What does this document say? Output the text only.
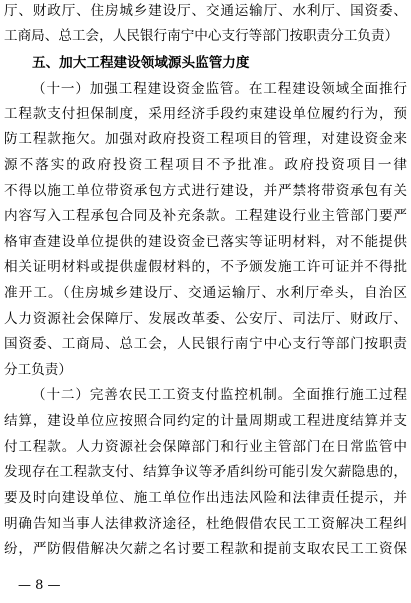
厅、财政厅、住房城乡建设厅、交通运输厅、水利厅、国资委、
工商局、总工会，人民银行南宁中心支行等部门按职责分工负责）
五、加大工程建设领域源头监管力度
（十一）加强工程建设资金监管。在工程建设领域全面推行
工程款支付担保制度，采用经济手段约束建设单位履约行为，预
防工程款拖欠。加强对政府投资工程项目的管理，对建设资金来
源不落实的政府投资工程项目不予批准。政府投资项目一律
不得以施工单位带资承包方式进行建设，并严禁将带资承包有关
内容写入工程承包合同及补充条款。工程建设行业主管部门要严
格审查建设单位提供的建设资金已落实等证明材料，对不能提供
相关证明材料或提供虚假材料的，不予颁发施工许可证并不得批
准开工。（住房城乡建设厅、交通运输厅、水利厅牵头，自治区
人力资源社会保障厅、发展改革委、公安厅、司法厅、财政厅、
国资委、工商局、总工会，人民银行南宁中心支行等部门按职责
分工负责）
（十二）完善农民工工资支付监控机制。全面推行施工过程
结算，建设单位应按照合同约定的计量周期或工程进度结算并支
付工程款。人力资源社会保障部门和行业主管部门在日常监管中
发现存在工程款支付、结算争议等矛盾纠纷可能引发欠薪隐患的，
要及时向建设单位、施工单位作出违法风险和法律责任提示，并
明确告知当事人法律救济途径，杜绝假借农民工工资解决工程纠
纷，严防假借解决欠薪之名讨要工程款和提前支取农民工工资保
— 8 —
